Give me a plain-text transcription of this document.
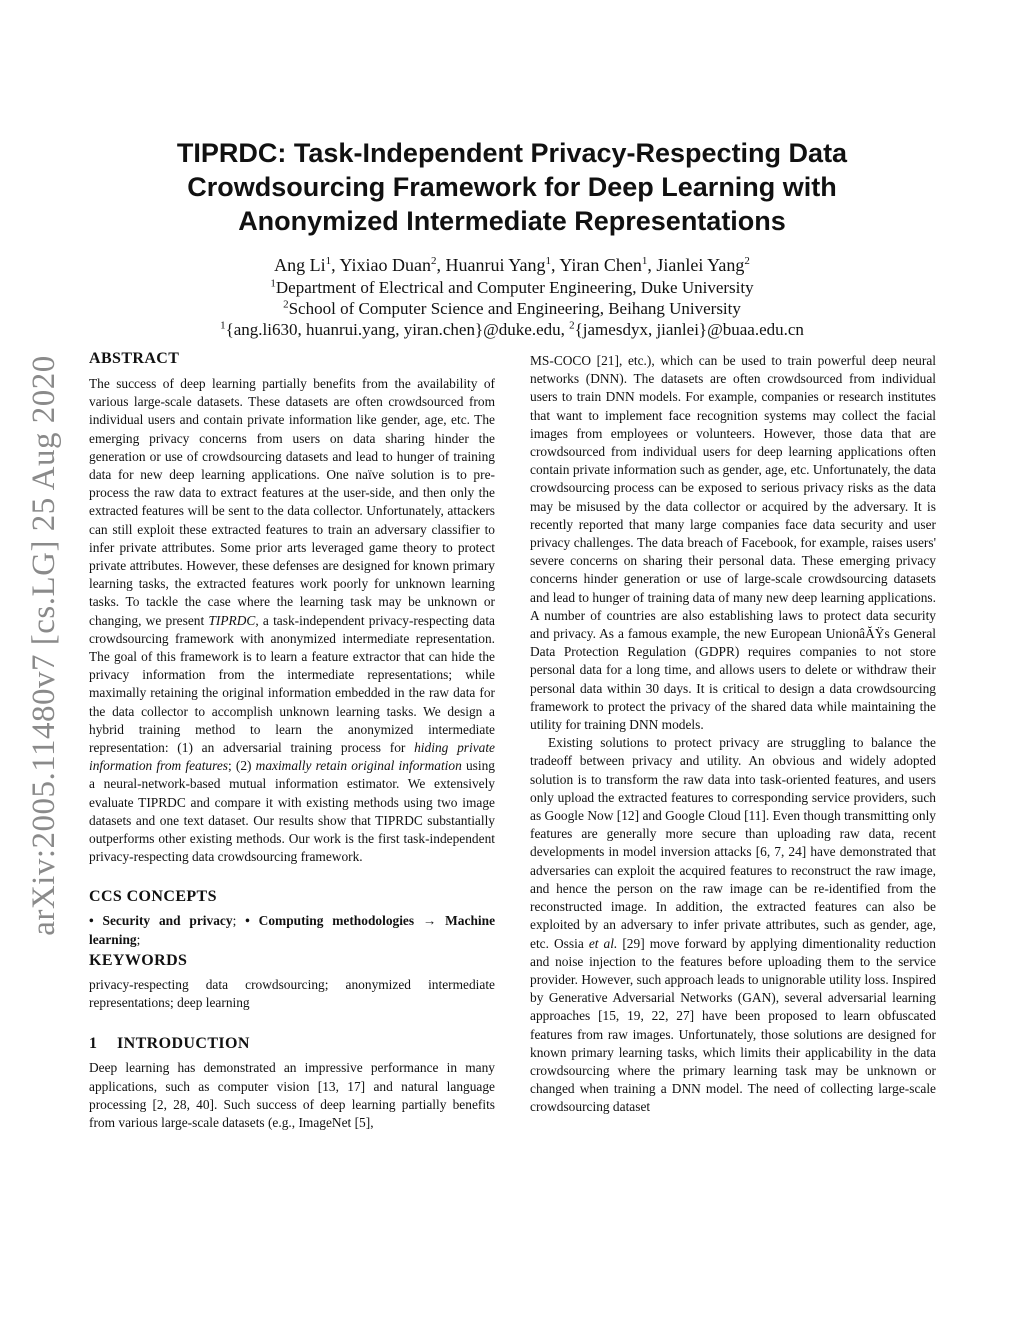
arXiv:2005.11480v7 [cs.LG] 25 Aug 2020
TIPRDC: Task-Independent Privacy-Respecting Data
Crowdsourcing Framework for Deep Learning with
Anonymized Intermediate Representations

Ang Li$^1$, Yixiao Duan$^2$, Huanrui Yang$^1$, Yiran Chen$^1$, Jianlei Yang$^2$

$^1$Department of Electrical and Computer Engineering, Duke University

$^2$School of Computer Science and Engineering, Beihang University

$^1${ang.li630, huanrui.yang, yiran.chen}@duke.edu, $^2${jamesdyx, jianlei}@buaa.edu.cn

ABSTRACT

The success of deep learning partially benefits from the availability of various large-scale datasets. These datasets are often crowdsourced from individual users and contain private information like gender, age, etc. The emerging privacy concerns from users on data sharing hinder the generation or use of crowdsourcing datasets and lead to hunger of training data for new deep learning applications. One naïve solution is to pre-process the raw data to extract features at the user-side, and then only the extracted features will be sent to the data collector. Unfortunately, attackers can still exploit these extracted features to train an adversary classifier to infer private attributes. Some prior arts leveraged game theory to protect private attributes. However, these defenses are designed for known primary learning tasks, the extracted features work poorly for unknown learning tasks. To tackle the case where the learning task may be unknown or changing, we present TIPRDC, a task-independent privacy-respecting data crowdsourcing framework with anonymized intermediate representation. The goal of this framework is to learn a feature extractor that can hide the privacy information from the intermediate representations; while maximally retaining the original information embedded in the raw data for the data collector to accomplish unknown learning tasks. We design a hybrid training method to learn the anonymized intermediate representation: (1) an adversarial training process for hiding private information from features; (2) maximally retain original information using a neural-network-based mutual information estimator. We extensively evaluate TIPRDC and compare it with existing methods using two image datasets and one text dataset. Our results show that TIPRDC substantially outperforms other existing methods. Our work is the first task-independent privacy-respecting data crowdsourcing framework.

CCS CONCEPTS

• Security and privacy; • Computing methodologies → Machine learning;

KEYWORDS

privacy-respecting data crowdsourcing; anonymized intermediate representations; deep learning

1 INTRODUCTION

Deep learning has demonstrated an impressive performance in many applications, such as computer vision [13, 17] and natural language processing [2, 28, 40]. Such success of deep learning partially benefits from various large-scale datasets (e.g., ImageNet [5],

MS-COCO [21], etc.), which can be used to train powerful deep neural networks (DNN). The datasets are often crowdsourced from individual users to train DNN models. For example, companies or research institutes that want to implement face recognition systems may collect the facial images from employees or volunteers. However, those data that are crowdsourced from individual users for deep learning applications often contain private information such as gender, age, etc. Unfortunately, the data crowdsourcing process can be exposed to serious privacy risks as the data may be misused by the data collector or acquired by the adversary. It is recently reported that many large companies face data security and user privacy challenges. The data breach of Facebook, for example, raises users' severe concerns on sharing their personal data. These emerging privacy concerns hinder generation or use of large-scale crowdsourcing datasets and lead to hunger of training data of many new deep learning applications. A number of countries are also establishing laws to protect data security and privacy. As a famous example, the new European UnionâĂŸs General Data Protection Regulation (GDPR) requires companies to not store personal data for a long time, and allows users to delete or withdraw their personal data within 30 days. It is critical to design a data crowdsourcing framework to protect the privacy of the shared data while maintaining the utility for training DNN models.

Existing solutions to protect privacy are struggling to balance the tradeoff between privacy and utility. An obvious and widely adopted solution is to transform the raw data into task-oriented features, and users only upload the extracted features to corresponding service providers, such as Google Now [12] and Google Cloud [11]. Even though transmitting only features are generally more secure than uploading raw data, recent developments in model inversion attacks [6, 7, 24] have demonstrated that adversaries can exploit the acquired features to reconstruct the raw image, and hence the person on the raw image can be re-identified from the reconstructed image. In addition, the extracted features can also be exploited by an adversary to infer private attributes, such as gender, age, etc. Ossia et al. [29] move forward by applying dimentionality reduction and noise injection to the features before uploading them to the service provider. However, such approach leads to unignorable utility loss. Inspired by Generative Adversarial Networks (GAN), several adversarial learning approaches [15, 19, 22, 27] have been proposed to learn obfuscated features from raw images. Unfortunately, those solutions are designed for known primary learning tasks, which limits their applicability in the data crowdsourcing where the primary learning task may be unknown or changed when training a DNN model. The need of collecting large-scale crowdsourcing dataset
